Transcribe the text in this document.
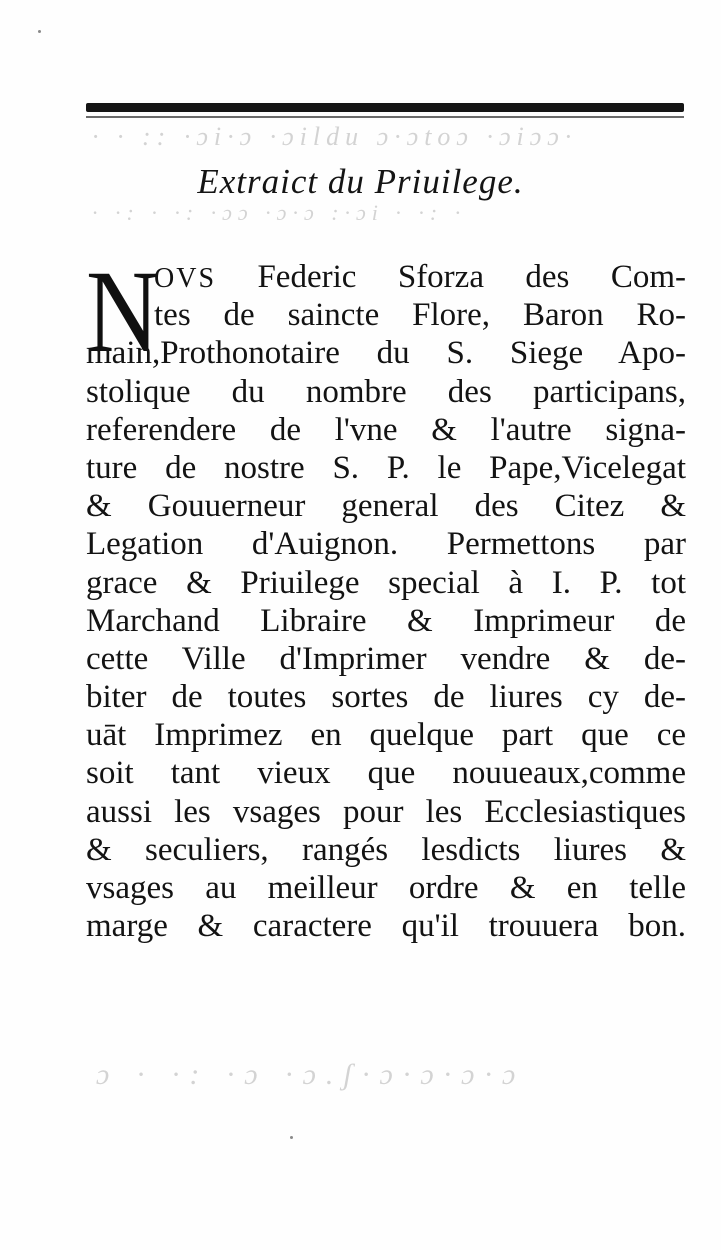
· · :: ·ɔi·ɔ ·ɔildu ɔ·ɔtoɔ ·ɔiɔɔ·
· ·: · ·: ·ɔɔ ·ɔ·ɔ :·ɔi · ·: ·
ɔ · ·: ·ɔ ·ɔ.ʃ·ɔ·ɔ·ɔ·ɔ
Extraict du Priuilege.
N
OVS Federic Sforza des Com-
tes de saincte Flore, Baron Ro-
main,Prothonotaire du S. Siege Apo-
stolique du nombre des participans,
referendere de l'vne & l'autre signa-
ture de nostre S. P. le Pape,Vicelegat
& Gouuerneur general des Citez &
Legation d'Auignon. Permettons par
grace & Priuilege special à I. P. tot
Marchand Libraire & Imprimeur de
cette Ville d'Imprimer vendre & de-
biter de toutes sortes de liures cy de-
uāt Imprimez en quelque part que ce
soit tant vieux que nouueaux,comme
aussi les vsages pour les Ecclesiastiques
& seculiers, rangés lesdicts liures &
vsages au meilleur ordre & en telle
marge & caractere qu'il trouuera bon.
